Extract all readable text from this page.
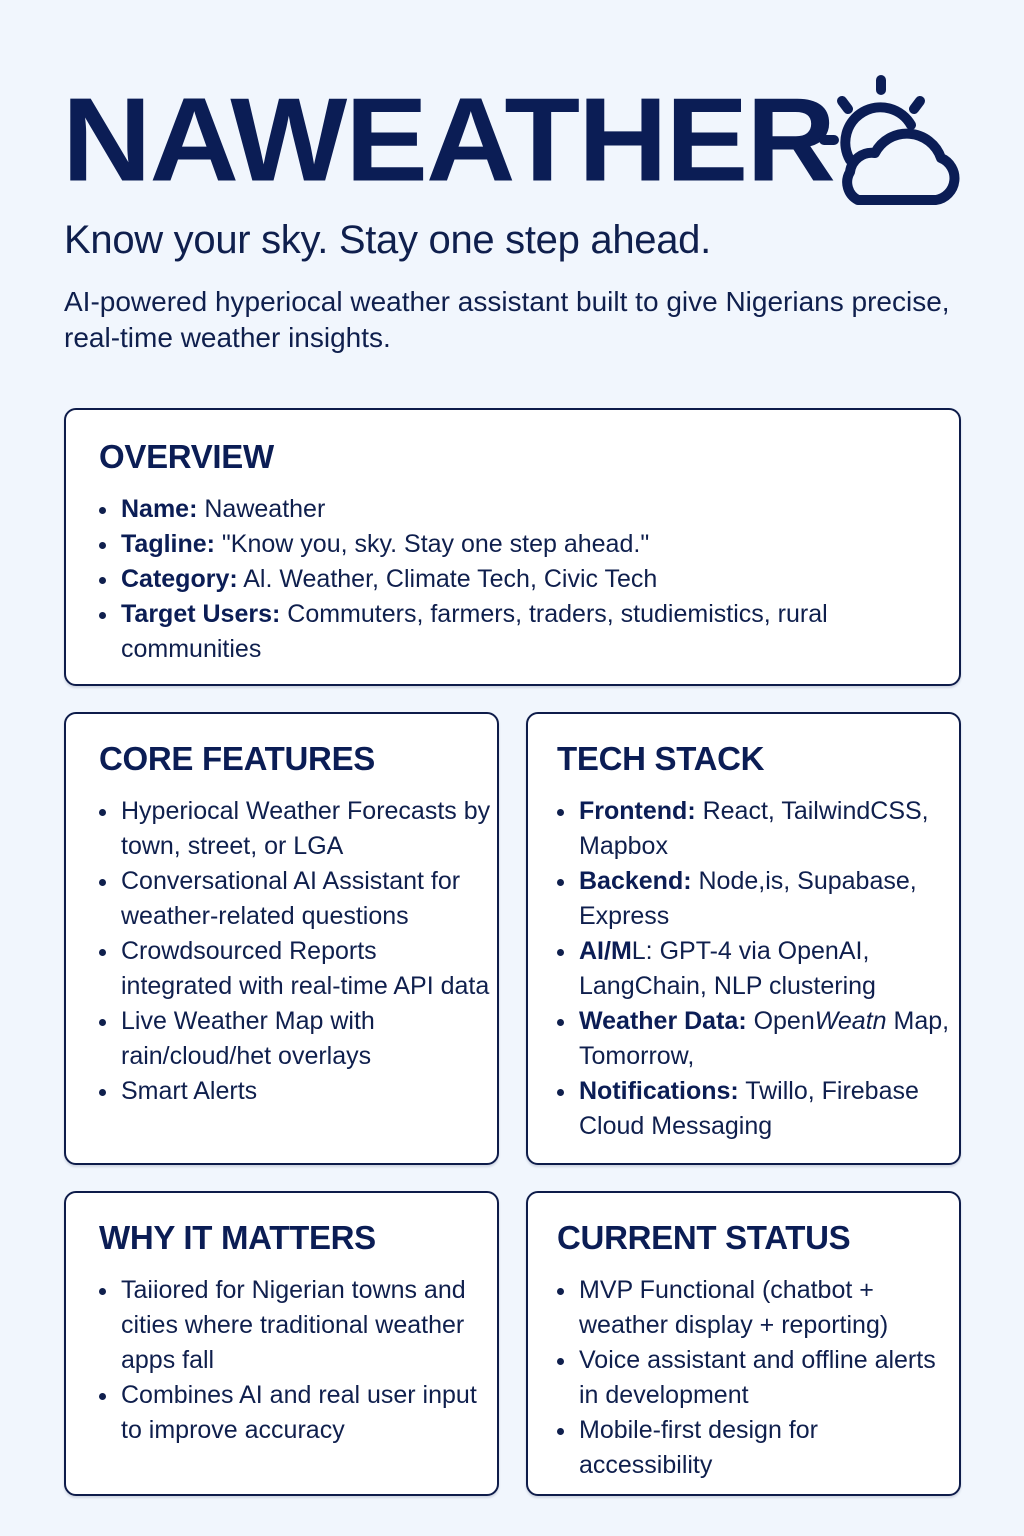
NAWEATHER
Know your sky. Stay one step ahead.

AI-powered hyperiocal weather assistant built to give Nigerians precise, real-time weather insights.

OVERVIEW
Name: Naweather
Tagline: "Know you, sky. Stay one step ahead."
Category: Al. Weather, Climate Tech, Civic Tech
Target Users: Commuters, farmers, traders, studiemistics, rural communities
CORE FEATURES
Hyperiocal Weather Forecasts by town, street, or LGA
Conversational AI Assistant for weather-related questions
Crowdsourced Reports integrated with real-time API data
Live Weather Map with rain/cloud/het overlays
Smart Alerts
TECH STACK
Frontend: React, TailwindCSS, Mapbox
Backend: Node,is, Supabase, Express
AI/ML: GPT-4 via OpenAI, LangChain, NLP clustering
Weather Data: OpenWeatn Map, Tomorrow,
Notifications: Twillo, Firebase Cloud Messaging
WHY IT MATTERS
Taiiored for Nigerian towns and cities where traditional weather apps fall
Combines AI and real user input to improve accuracy
CURRENT STATUS
MVP Functional (chatbot + weather display + reporting)
Voice assistant and offline alerts in development
Mobile-first design for accessibility
